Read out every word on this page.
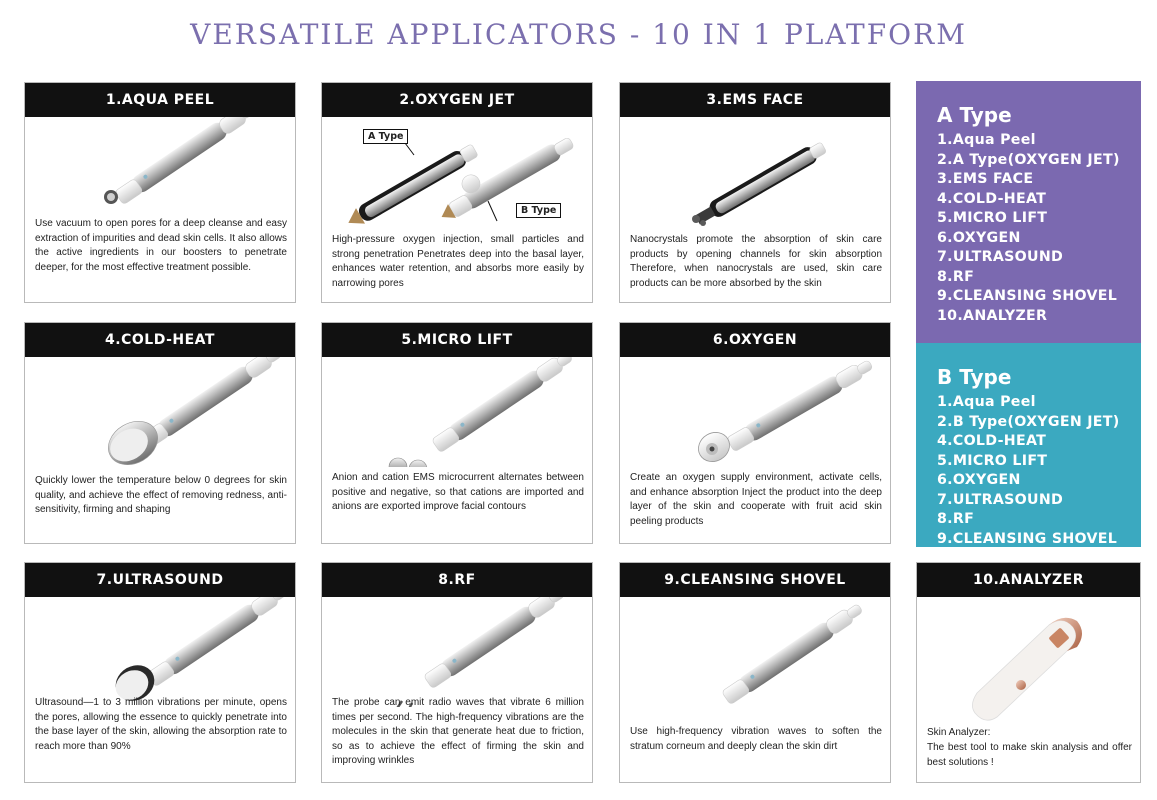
VERSATILE APPLICATORS - 10 IN 1 PLATFORM
1.AQUA PEEL
Use vacuum to open pores for a deep cleanse and easy extraction of impurities and dead skin cells. It also allows the active ingredients in our boosters to penetrate deeper, for the most effective treatment possible.
2.OXYGEN JET
A Type
B Type
High-pressure oxygen injection, small particles and strong penetration Penetrates deep into the basal layer, enhances water retention, and absorbs more easily by narrowing pores
3.EMS FACE
Nanocrystals promote the absorption of skin care products by opening channels for skin absorption Therefore, when nanocrystals are used, skin care products can be more absorbed by the skin
4.COLD-HEAT
Quickly lower the temperature below 0 degrees for skin quality, and achieve the effect of removing redness, anti-sensitivity, firming and shaping
5.MICRO LIFT
Anion and cation EMS microcurrent alternates between positive and negative, so that cations are imported and anions are exported improve facial contours
6.OXYGEN
Create an oxygen supply environment, activate cells, and enhance absorption Inject the product into the deep layer of the skin and cooperate with fruit acid skin peeling products
7.ULTRASOUND
Ultrasound—1 to 3 million vibrations per minute, opens the pores, allowing the essence to quickly penetrate into the base layer of the skin, allowing the absorption rate to reach more than 90%
8.RF
The probe can emit radio waves that vibrate 6 million times per second. The high-frequency vibrations are the molecules in the skin that generate heat due to friction, so as to achieve the effect of firming the skin and improving wrinkles
9.CLEANSING SHOVEL
Use high-frequency vibration waves to soften the stratum corneum and deeply clean the skin dirt
10.ANALYZER
Skin Analyzer:
The best tool to make skin analysis and offer best solutions !
A Type
1.Aqua Peel
2.A Type(OXYGEN JET)
3.EMS FACE
4.COLD-HEAT
5.MICRO LIFT
6.OXYGEN
7.ULTRASOUND
8.RF
9.CLEANSING SHOVEL
10.ANALYZER
B Type
1.Aqua Peel
2.B Type(OXYGEN JET)
4.COLD-HEAT
5.MICRO LIFT
6.OXYGEN
7.ULTRASOUND
8.RF
9.CLEANSING SHOVEL
